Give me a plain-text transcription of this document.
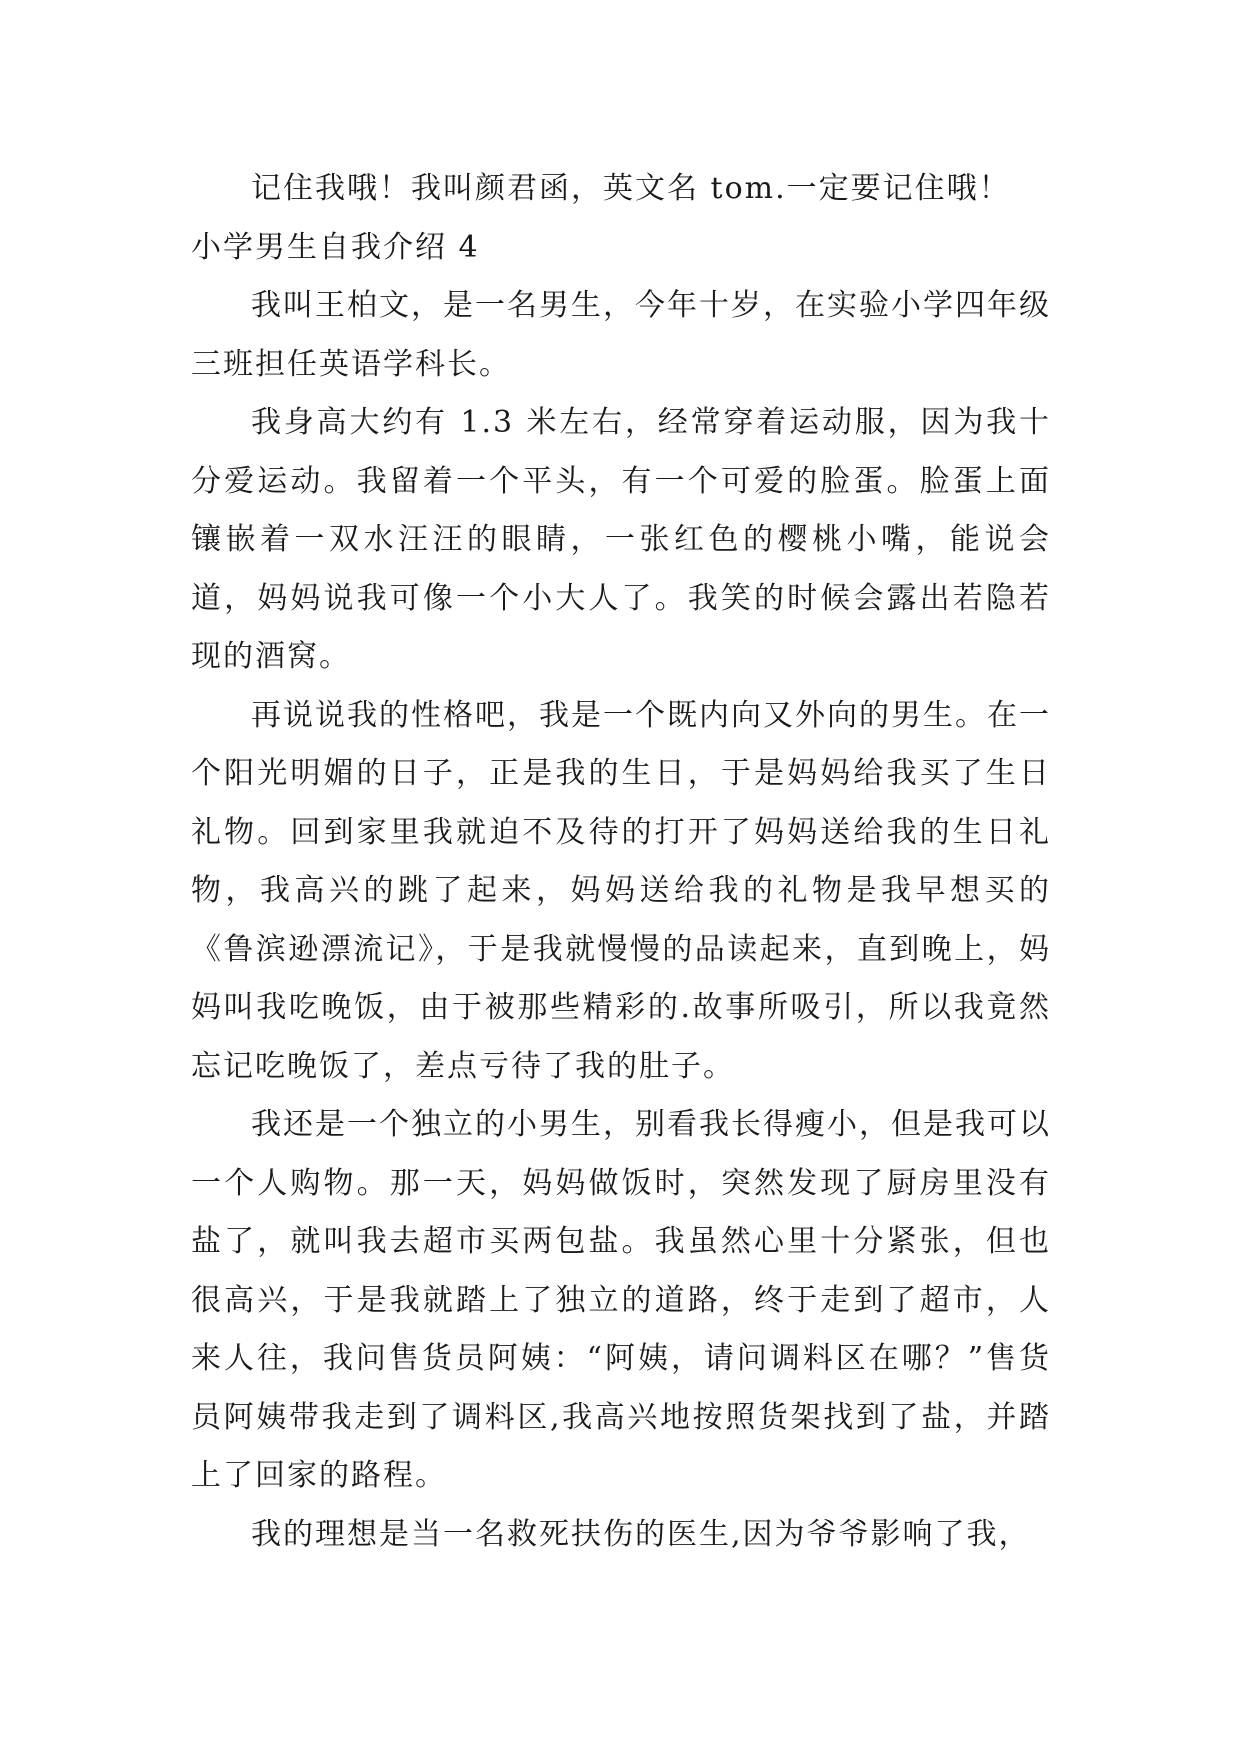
记住我哦！我叫颜君函，英文名 tom.一定要记住哦！

小学男生自我介绍 4

我叫王柏文，是一名男生，今年十岁，在实验小学四年级三班担任英语学科长。

我身高大约有 1.3 米左右，经常穿着运动服，因为我十分爱运动。我留着一个平头，有一个可爱的脸蛋。脸蛋上面镶嵌着一双水汪汪的眼睛，一张红色的樱桃小嘴，能说会道，妈妈说我可像一个小大人了。我笑的时候会露出若隐若现的酒窝。

再说说我的性格吧，我是一个既内向又外向的男生。在一个阳光明媚的日子，正是我的生日，于是妈妈给我买了生日礼物。回到家里我就迫不及待的打开了妈妈送给我的生日礼物，我高兴的跳了起来，妈妈送给我的礼物是我早想买的《鲁滨逊漂流记》，于是我就慢慢的品读起来，直到晚上，妈妈叫我吃晚饭，由于被那些精彩的.故事所吸引，所以我竟然忘记吃晚饭了，差点亏待了我的肚子。

我还是一个独立的小男生，别看我长得瘦小，但是我可以一个人购物。那一天，妈妈做饭时，突然发现了厨房里没有盐了，就叫我去超市买两包盐。我虽然心里十分紧张，但也很高兴，于是我就踏上了独立的道路，终于走到了超市，人来人往，我问售货员阿姨：“阿姨，请问调料区在哪？”售货员阿姨带我走到了调料区,我高兴地按照货架找到了盐，并踏上了回家的路程。

我的理想是当一名救死扶伤的医生,因为爷爷影响了我，
